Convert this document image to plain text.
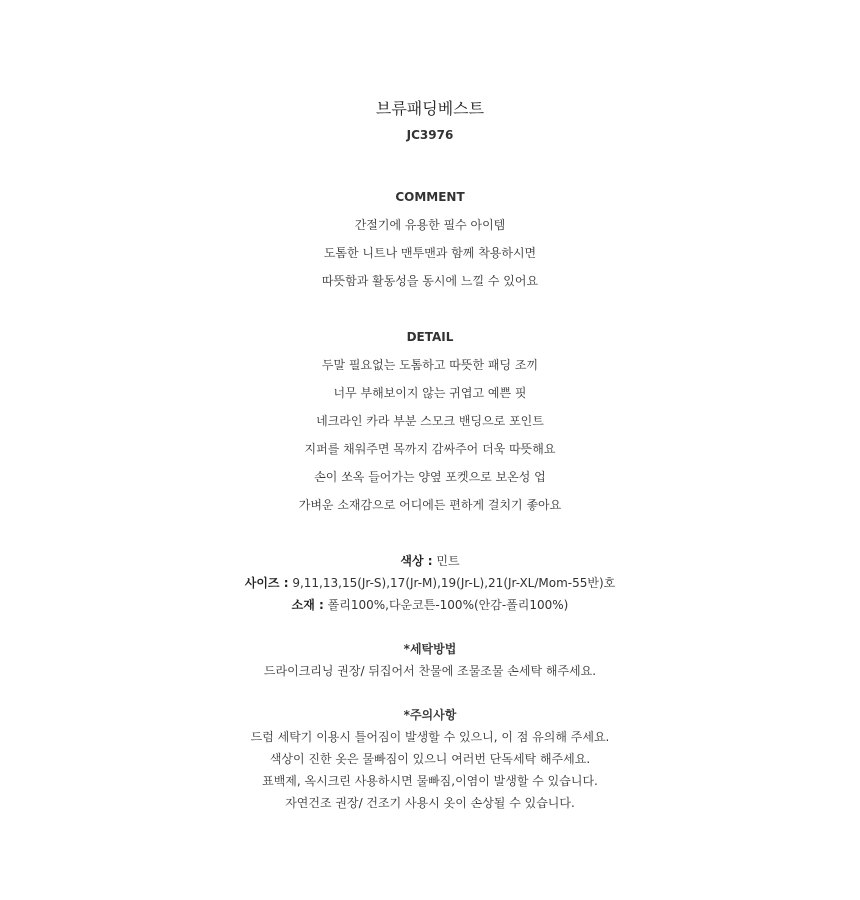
브류패딩베스트
JC3976
COMMENT
간절기에 유용한 필수 아이템
도톰한 니트나 맨투맨과 함께 착용하시면
따뜻함과 활동성을 동시에 느낄 수 있어요
DETAIL
두말 필요없는 도톰하고 따뜻한 패딩 조끼
너무 부해보이지 않는 귀엽고 예쁜 핏
네크라인 카라 부분 스모크 밴딩으로 포인트
지퍼를 채워주면 목까지 감싸주어 더욱 따뜻해요
손이 쏘옥 들어가는 양옆 포켓으로 보온성 업
가벼운 소재감으로 어디에든 편하게 걸치기 좋아요
색상 : 민트
사이즈 : 9,11,13,15(Jr-S),17(Jr-M),19(Jr-L),21(Jr-XL/Mom-55반)호
소재 : 폴리100%,다운코튼-100%(안감-폴리100%)
*세탁방법
드라이크리닝 권장/ 뒤집어서 찬물에 조물조물 손세탁 해주세요.
*주의사항
드럼 세탁기 이용시 틀어짐이 발생할 수 있으니, 이 점 유의해 주세요.
색상이 진한 옷은 물빠짐이 있으니 여러번 단독세탁 해주세요.
표백제, 옥시크린 사용하시면 물빠짐,이염이 발생할 수 있습니다.
자연건조 권장/ 건조기 사용시 옷이 손상될 수 있습니다.
